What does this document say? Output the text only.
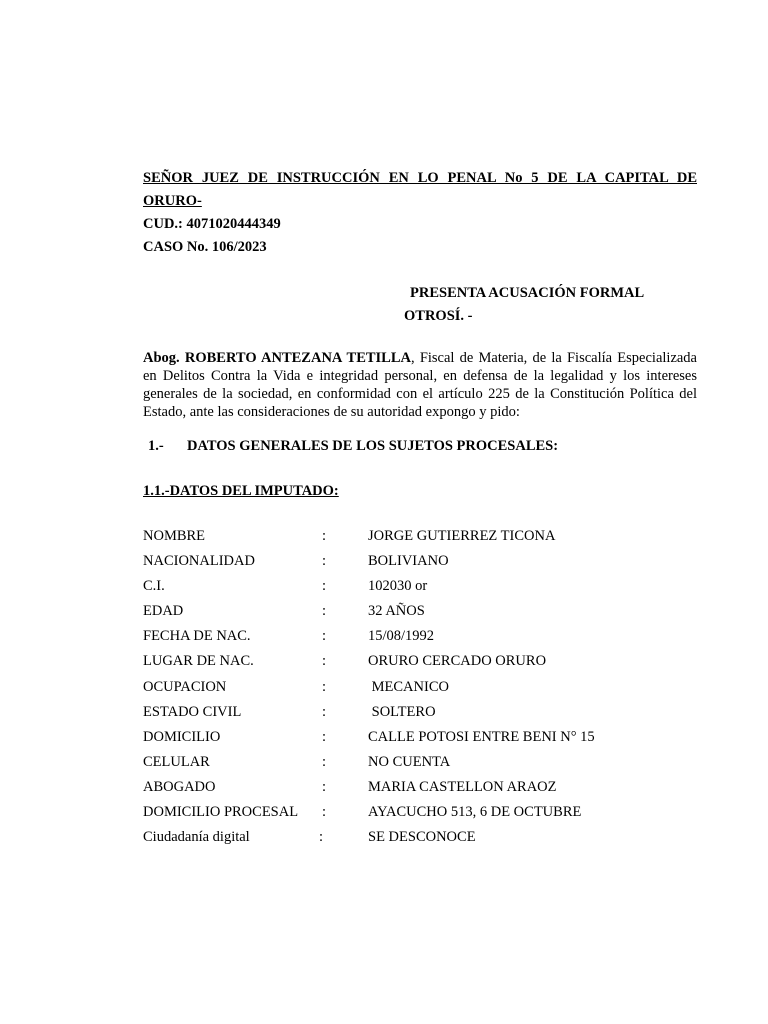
SEÑOR JUEZ DE INSTRUCCIÓN EN LO PENAL No 5 DE LA CAPITAL DE
ORURO-
CUD.: 4071020444349
CASO No. 106/2023
PRESENTA ACUSACIÓN FORMAL
OTROSÍ. -
Abog. ROBERTO ANTEZANA TETILLA, Fiscal de Materia, de la Fiscalía Especializada en Delitos Contra la Vida e integridad personal, en defensa de la legalidad y los intereses generales de la sociedad, en conformidad con el artículo 225 de la Constitución Política del Estado, ante las consideraciones de su autoridad expongo y pido:
1.- DATOS GENERALES DE LOS SUJETOS PROCESALES:
1.1.-DATOS DEL IMPUTADO:
NOMBRE	:	JORGE GUTIERREZ TICONA
NACIONALIDAD	:	BOLIVIANO
C.I.	:	102030 or
EDAD	:	32 AÑOS
FECHA DE NAC.	:	15/08/1992
LUGAR DE NAC.	:	ORURO CERCADO ORURO
OCUPACION	:	MECANICO
ESTADO CIVIL	:	SOLTERO
DOMICILIO	:	CALLE POTOSI ENTRE BENI N° 15
CELULAR	:	NO CUENTA
ABOGADO	:	MARIA CASTELLON ARAOZ
DOMICILIO PROCESAL :	AYACUCHO 513, 6 DE OCTUBRE
Ciudadanía digital	:	SE DESCONOCE
